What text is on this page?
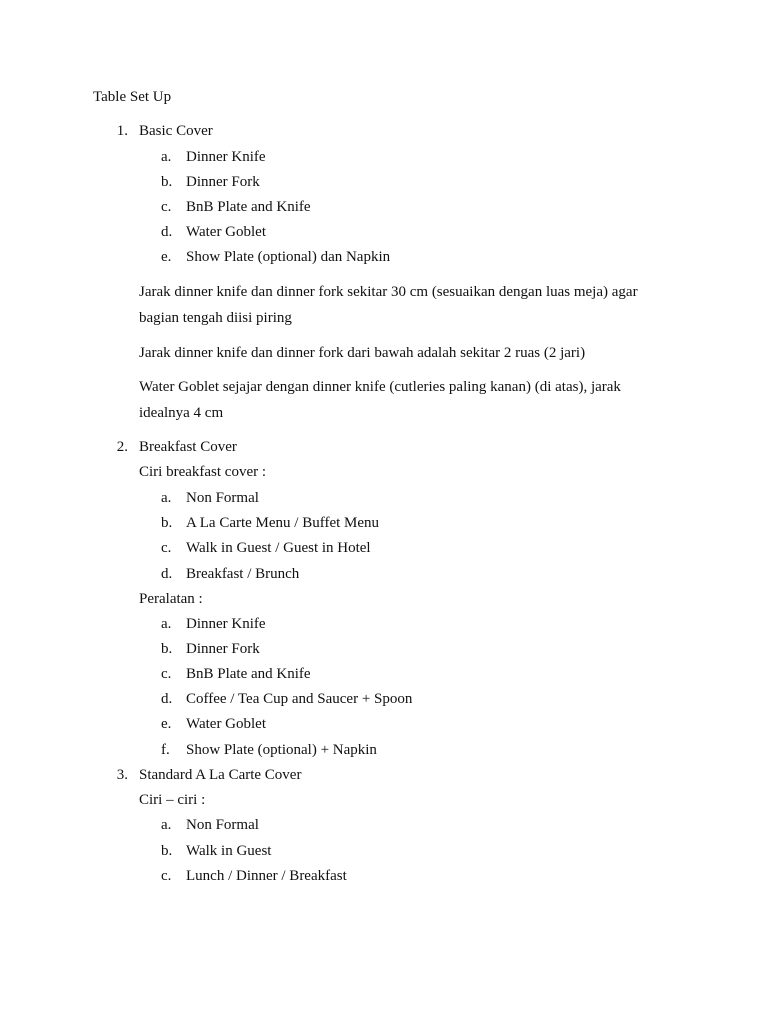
Table Set Up
1. Basic Cover
a. Dinner Knife
b. Dinner Fork
c. BnB Plate and Knife
d. Water Goblet
e. Show Plate (optional) dan Napkin
Jarak dinner knife dan dinner fork sekitar 30 cm (sesuaikan dengan luas meja) agar
bagian tengah diisi piring
Jarak dinner knife dan dinner fork dari bawah adalah sekitar 2 ruas (2 jari)
Water Goblet sejajar dengan dinner knife (cutleries paling kanan) (di atas), jarak
idealnya 4 cm
2. Breakfast Cover
Ciri breakfast cover :
a. Non Formal
b. A La Carte Menu / Buffet Menu
c. Walk in Guest / Guest in Hotel
d. Breakfast / Brunch
Peralatan :
a. Dinner Knife
b. Dinner Fork
c. BnB Plate and Knife
d. Coffee / Tea Cup and Saucer + Spoon
e. Water Goblet
f.	Show Plate (optional) + Napkin
3. Standard A La Carte Cover
Ciri – ciri :
a. Non Formal
b. Walk in Guest
c. Lunch / Dinner / Breakfast
